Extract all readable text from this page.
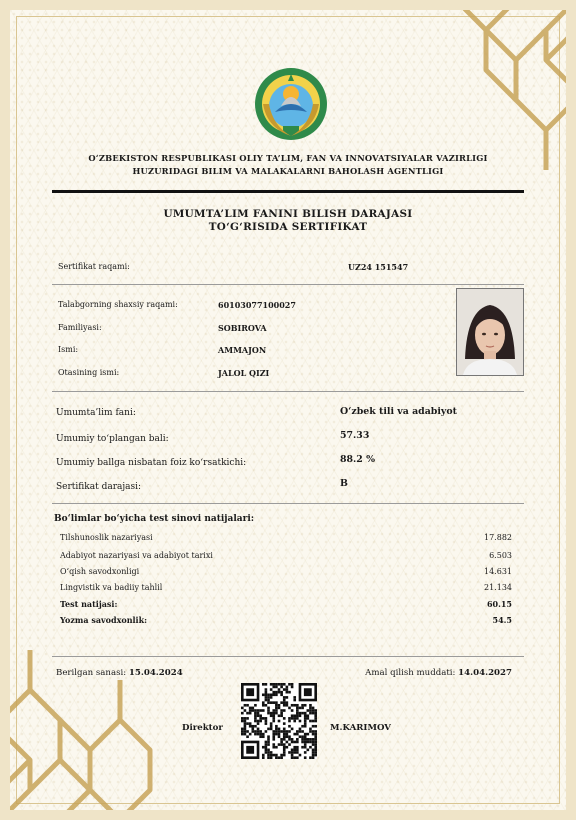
O‘ZBEKISTON RESPUBLIKASI OLIY TA’LIM, FAN VA INNOVATSIYALAR VAZIRLIGI
HUZURIDAGI BILIM VA MALAKALARNI BAHOLASH AGENTLIGI
UMUMTA’LIM FANINI BILISH DARAJASI
TO‘G‘RISIDA SERTIFIKAT
Sertifikat raqami:	UZ24 151547
Talabgorning shaxsiy raqami:	60103077100027
Familiyasi:	SOBIROVA
Ismi:	AMMAJON
Otasining ismi:	JALOL QIZI
Umumta’lim fani:	O‘zbek tili va adabiyot
Umumiy to‘plangan bali:	57.33
Umumiy ballga nisbatan foiz ko‘rsatkichi:	88.2 %
Sertifikat darajasi:	B
Bo‘limlar bo‘yicha test sinovi natijalari:
Tilshunoslik nazariyasi	17.882
Adabiyot nazariyasi va adabiyot tarixi	6.503
O‘qish savodxonligi	14.631
Lingvistik va badiiy tahlil	21.134
Test natijasi:	60.15
Yozma savodxonlik:	54.5
Berilgan sanasi: 15.04.2024	Amal qilish muddati: 14.04.2027
Direktor	M.KARIMOV
